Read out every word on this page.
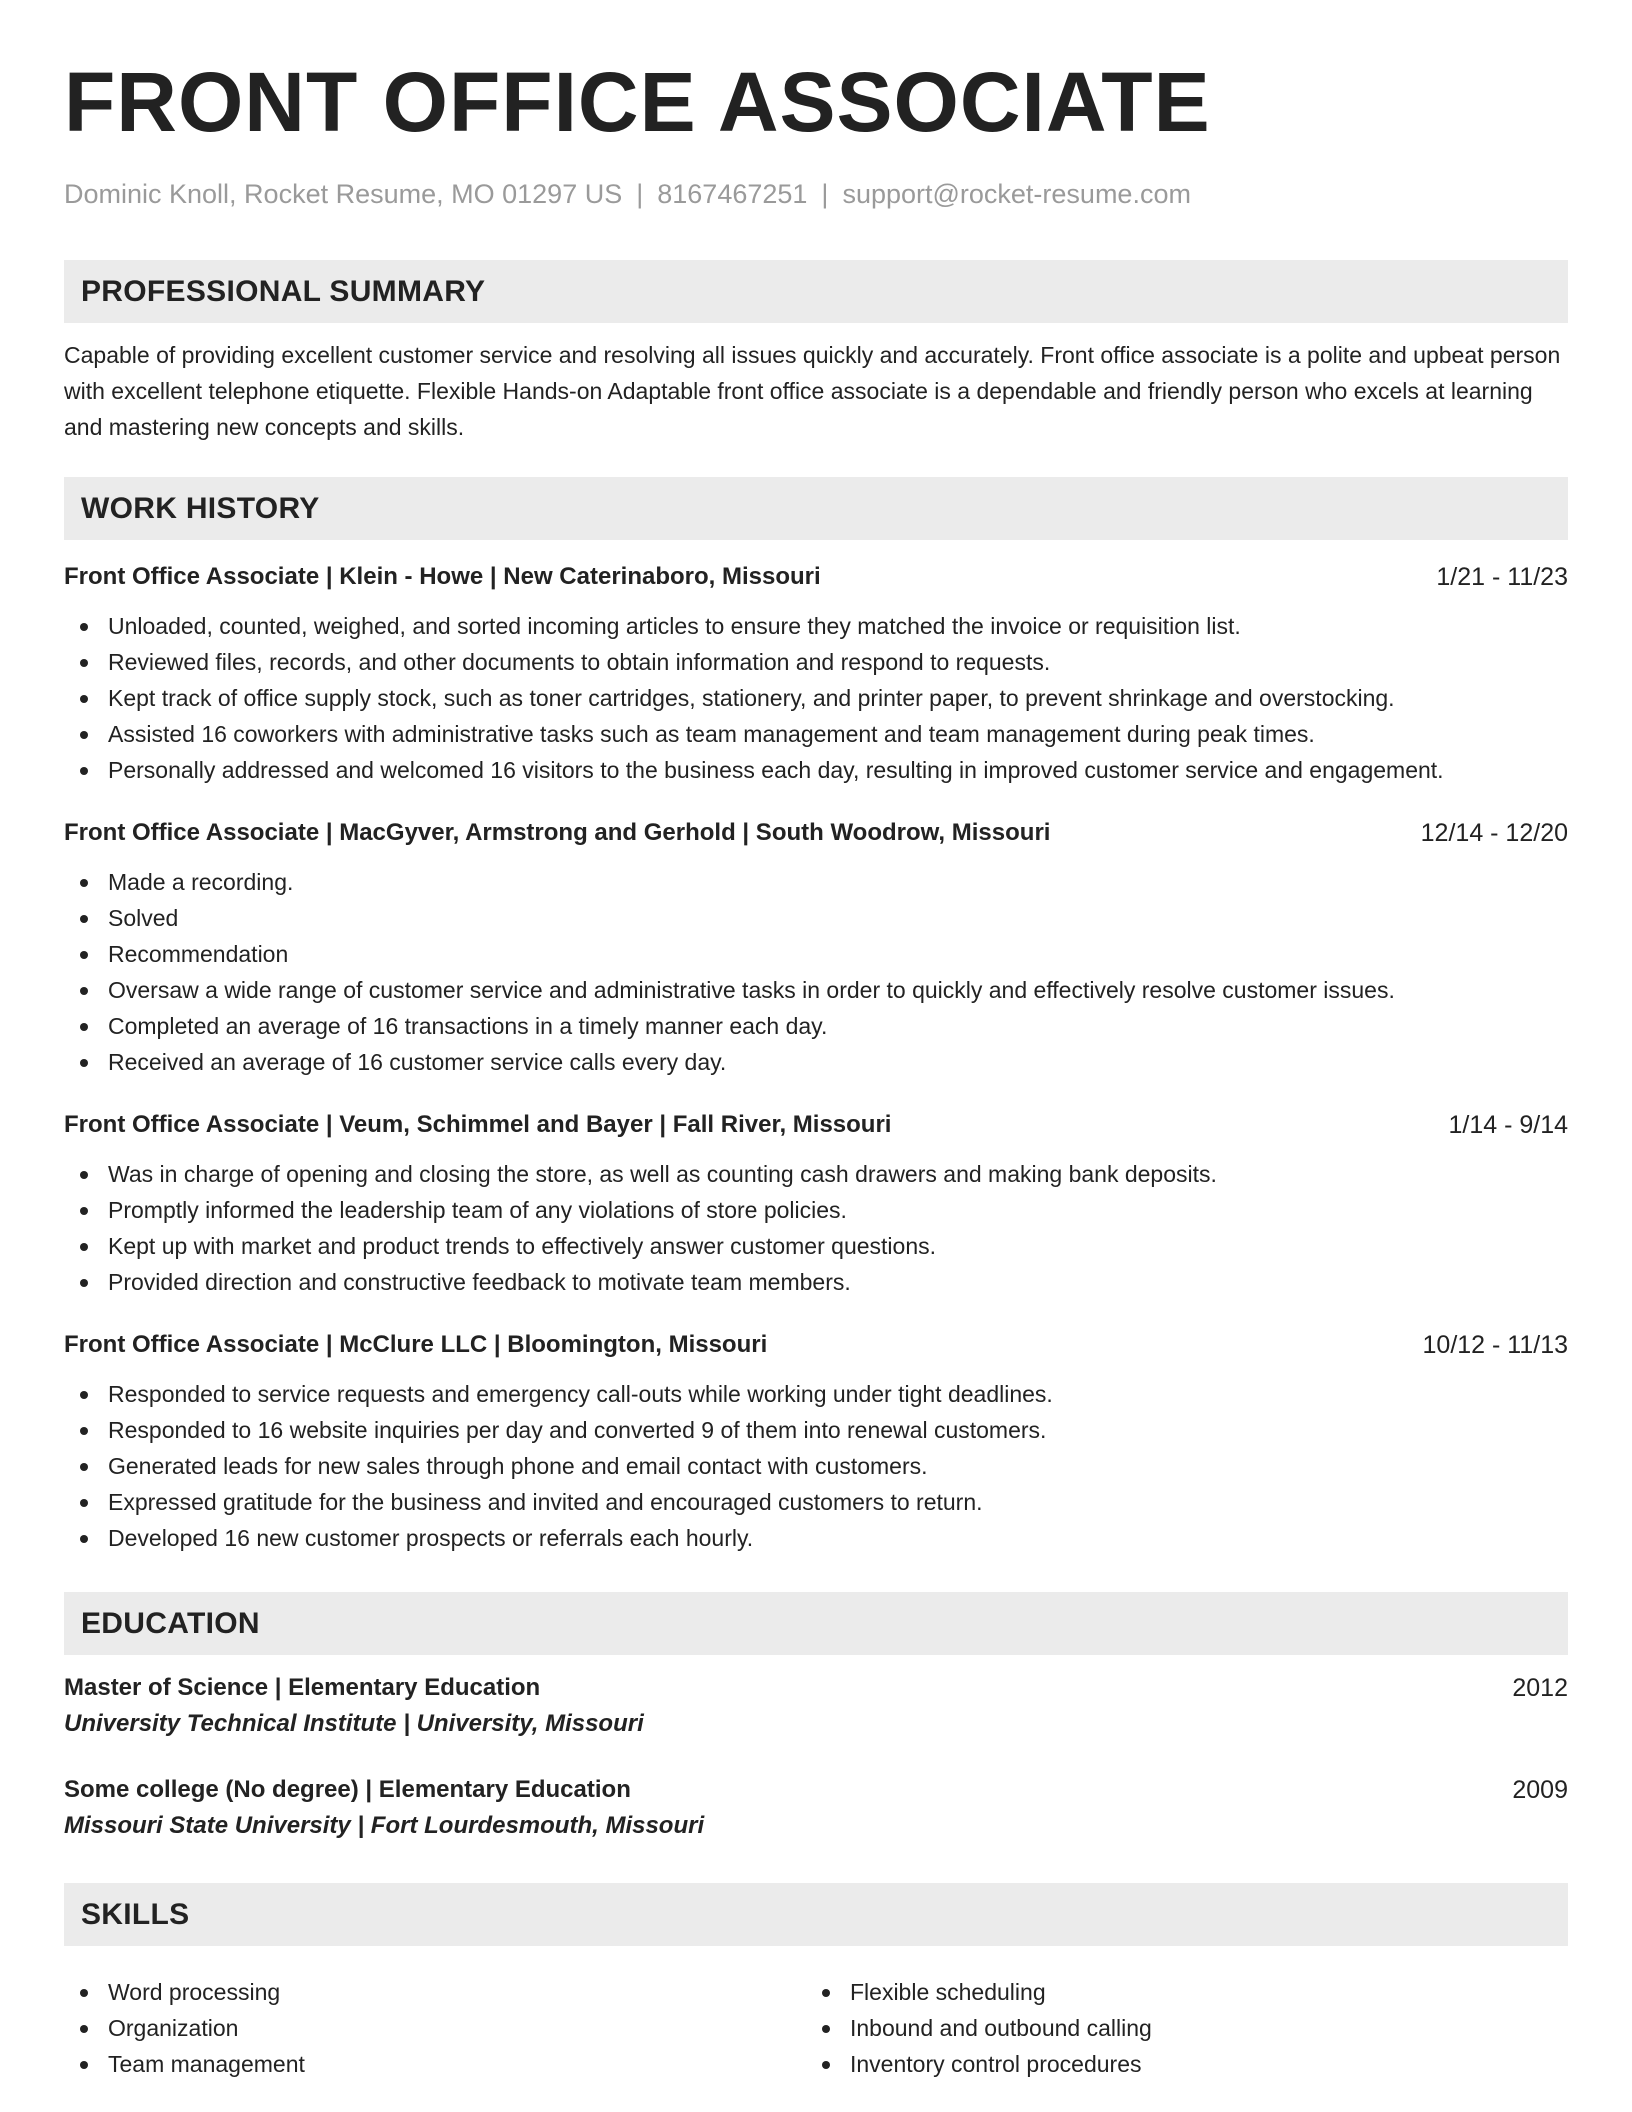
FRONT OFFICE ASSOCIATE
Dominic Knoll, Rocket Resume, MO 01297 US | 8167467251 | support@rocket-resume.com
PROFESSIONAL SUMMARY

Capable of providing excellent customer service and resolving all issues quickly and accurately. Front office associate is a polite and upbeat person with excellent telephone etiquette. Flexible Hands-on Adaptable front office associate is a dependable and friendly person who excels at learning and mastering new concepts and skills.

WORK HISTORY
Front Office Associate | Klein - Howe | New Caterinaboro, Missouri	1/21 - 11/23
Unloaded, counted, weighed, and sorted incoming articles to ensure they matched the invoice or requisition list.
Reviewed files, records, and other documents to obtain information and respond to requests.
Kept track of office supply stock, such as toner cartridges, stationery, and printer paper, to prevent shrinkage and overstocking.
Assisted 16 coworkers with administrative tasks such as team management and team management during peak times.
Personally addressed and welcomed 16 visitors to the business each day, resulting in improved customer service and engagement.
Front Office Associate | MacGyver, Armstrong and Gerhold | South Woodrow, Missouri	12/14 - 12/20
Made a recording.
Solved
Recommendation
Oversaw a wide range of customer service and administrative tasks in order to quickly and effectively resolve customer issues.
Completed an average of 16 transactions in a timely manner each day.
Received an average of 16 customer service calls every day.
Front Office Associate | Veum, Schimmel and Bayer | Fall River, Missouri	1/14 - 9/14
Was in charge of opening and closing the store, as well as counting cash drawers and making bank deposits.
Promptly informed the leadership team of any violations of store policies.
Kept up with market and product trends to effectively answer customer questions.
Provided direction and constructive feedback to motivate team members.
Front Office Associate | McClure LLC | Bloomington, Missouri	10/12 - 11/13
Responded to service requests and emergency call-outs while working under tight deadlines.
Responded to 16 website inquiries per day and converted 9 of them into renewal customers.
Generated leads for new sales through phone and email contact with customers.
Expressed gratitude for the business and invited and encouraged customers to return.
Developed 16 new customer prospects or referrals each hourly.
EDUCATION
Master of Science | Elementary Education	2012
University Technical Institute | University, Missouri
Some college (No degree) | Elementary Education	2009
Missouri State University | Fort Lourdesmouth, Missouri
SKILLS
Word processing
Organization
Team management
Flexible scheduling
Inbound and outbound calling
Inventory control procedures
